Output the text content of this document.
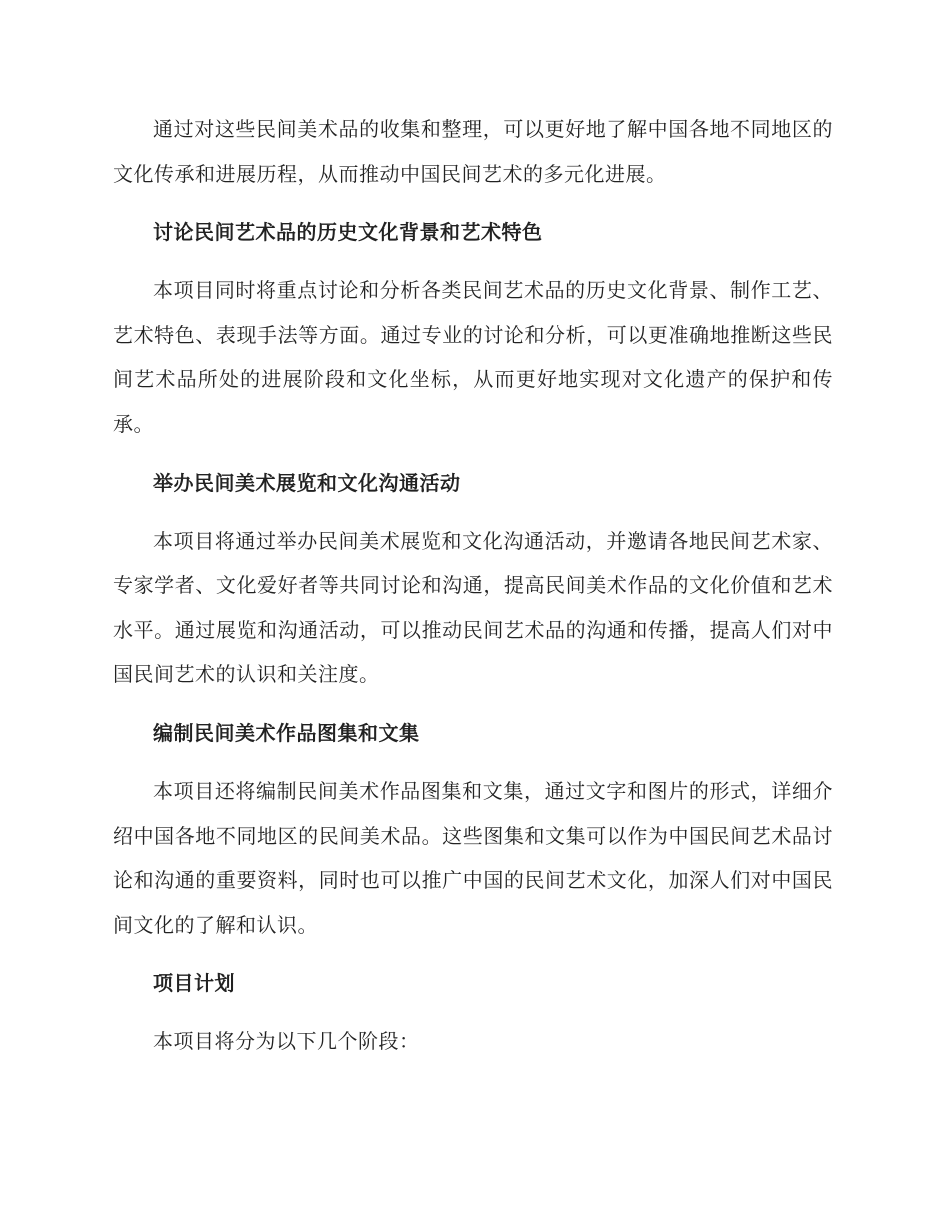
通过对这些民间美术品的收集和整理，可以更好地了解中国各地不同地区的文化传承和进展历程，从而推动中国民间艺术的多元化进展。

讨论民间艺术品的历史文化背景和艺术特色

本项目同时将重点讨论和分析各类民间艺术品的历史文化背景、制作工艺、艺术特色、表现手法等方面。通过专业的讨论和分析，可以更准确地推断这些民间艺术品所处的进展阶段和文化坐标，从而更好地实现对文化遗产的保护和传承。

举办民间美术展览和文化沟通活动

本项目将通过举办民间美术展览和文化沟通活动，并邀请各地民间艺术家、专家学者、文化爱好者等共同讨论和沟通，提高民间美术作品的文化价值和艺术水平。通过展览和沟通活动，可以推动民间艺术品的沟通和传播，提高人们对中国民间艺术的认识和关注度。

编制民间美术作品图集和文集

本项目还将编制民间美术作品图集和文集，通过文字和图片的形式，详细介绍中国各地不同地区的民间美术品。这些图集和文集可以作为中国民间艺术品讨论和沟通的重要资料，同时也可以推广中国的民间艺术文化，加深人们对中国民间文化的了解和认识。

项目计划

本项目将分为以下几个阶段：
